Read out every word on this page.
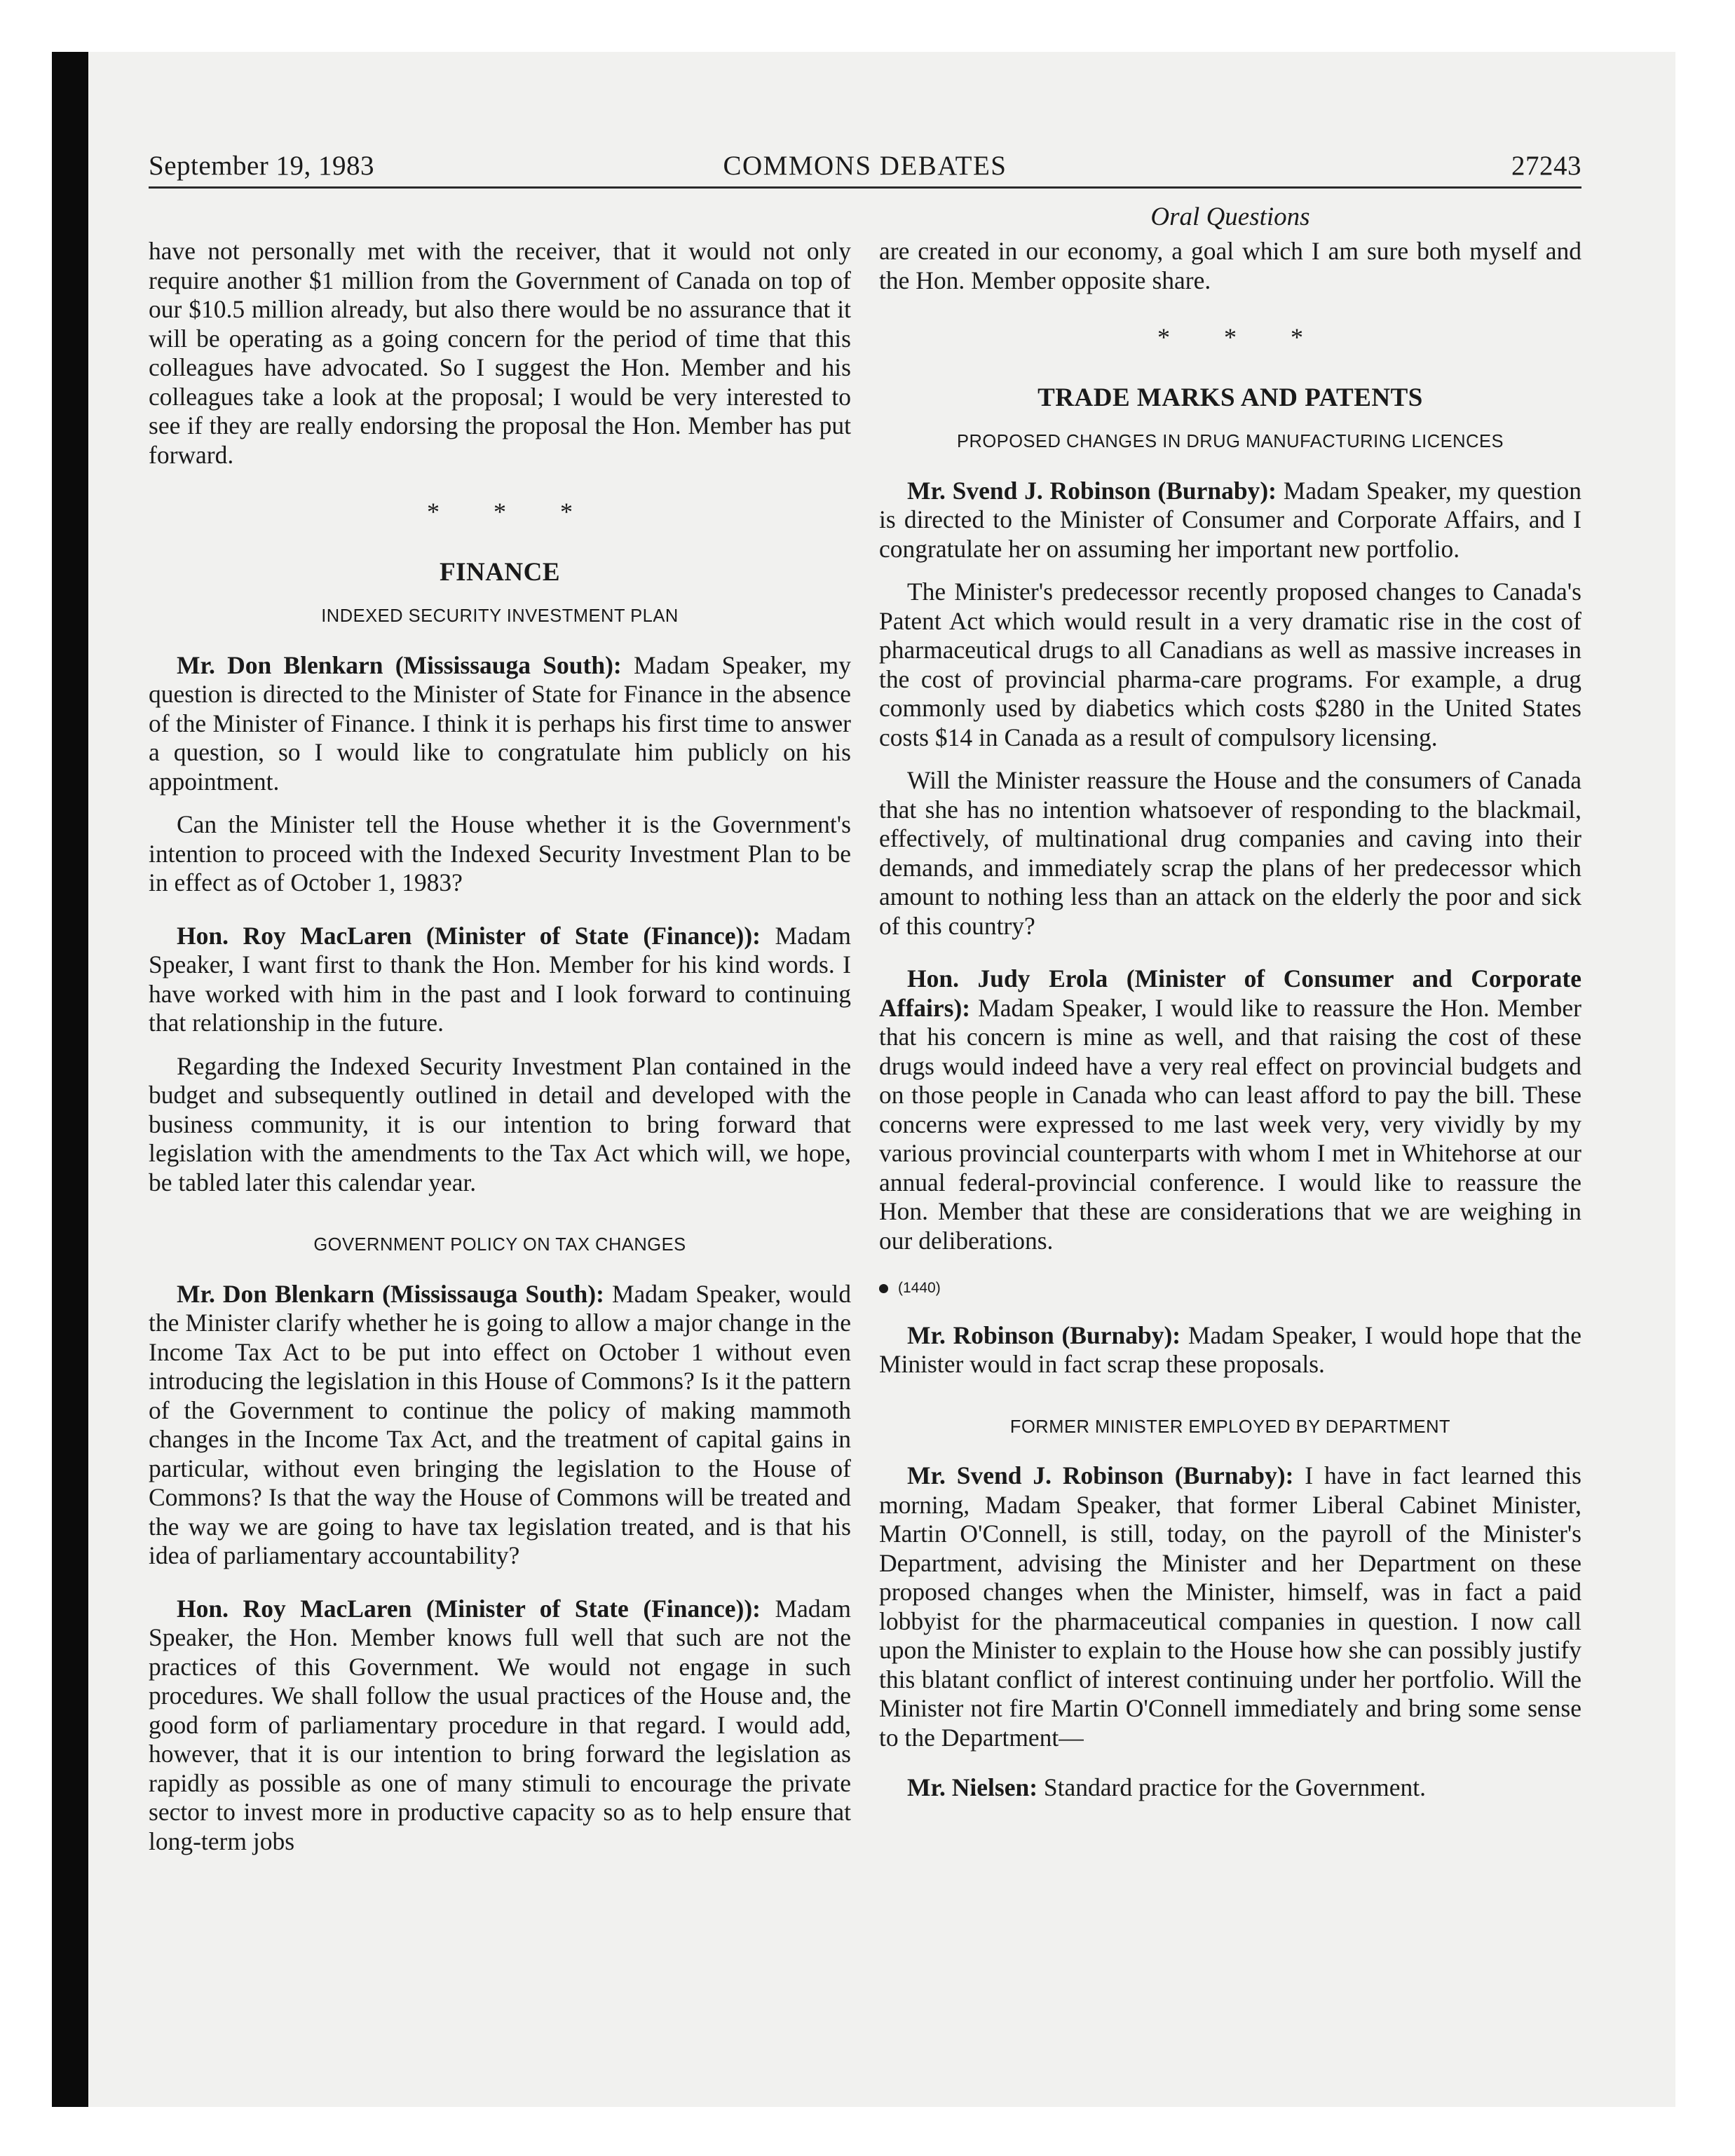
September 19, 1983	COMMONS DEBATES	27243
Oral Questions

have not personally met with the receiver, that it would not only require another $1 million from the Government of Canada on top of our $10.5 million already, but also there would be no assurance that it will be operating as a going concern for the period of time that this colleagues have advocated. So I suggest the Hon. Member and his colleagues take a look at the proposal; I would be very interested to see if they are really endorsing the proposal the Hon. Member has put forward.

* * *
FINANCE
INDEXED SECURITY INVESTMENT PLAN

Mr. Don Blenkarn (Mississauga South): Madam Speaker, my question is directed to the Minister of State for Finance in the absence of the Minister of Finance. I think it is perhaps his first time to answer a question, so I would like to congratulate him publicly on his appointment.

Can the Minister tell the House whether it is the Government's intention to proceed with the Indexed Security Investment Plan to be in effect as of October 1, 1983?

Hon. Roy MacLaren (Minister of State (Finance)): Madam Speaker, I want first to thank the Hon. Member for his kind words. I have worked with him in the past and I look forward to continuing that relationship in the future.

Regarding the Indexed Security Investment Plan contained in the budget and subsequently outlined in detail and developed with the business community, it is our intention to bring forward that legislation with the amendments to the Tax Act which will, we hope, be tabled later this calendar year.

GOVERNMENT POLICY ON TAX CHANGES

Mr. Don Blenkarn (Mississauga South): Madam Speaker, would the Minister clarify whether he is going to allow a major change in the Income Tax Act to be put into effect on October 1 without even introducing the legislation in this House of Commons? Is it the pattern of the Government to continue the policy of making mammoth changes in the Income Tax Act, and the treatment of capital gains in particular, without even bringing the legislation to the House of Commons? Is that the way the House of Commons will be treated and the way we are going to have tax legislation treated, and is that his idea of parliamentary accountability?

Hon. Roy MacLaren (Minister of State (Finance)): Madam Speaker, the Hon. Member knows full well that such are not the practices of this Government. We would not engage in such procedures. We shall follow the usual practices of the House and, the good form of parliamentary procedure in that regard. I would add, however, that it is our intention to bring forward the legislation as rapidly as possible as one of many stimuli to encourage the private sector to invest more in productive capacity so as to help ensure that long-term jobs

are created in our economy, a goal which I am sure both myself and the Hon. Member opposite share.

* * *
TRADE MARKS AND PATENTS
PROPOSED CHANGES IN DRUG MANUFACTURING LICENCES

Mr. Svend J. Robinson (Burnaby): Madam Speaker, my question is directed to the Minister of Consumer and Corporate Affairs, and I congratulate her on assuming her important new portfolio.

The Minister's predecessor recently proposed changes to Canada's Patent Act which would result in a very dramatic rise in the cost of pharmaceutical drugs to all Canadians as well as massive increases in the cost of provincial pharma-care programs. For example, a drug commonly used by diabetics which costs $280 in the United States costs $14 in Canada as a result of compulsory licensing.

Will the Minister reassure the House and the consumers of Canada that she has no intention whatsoever of responding to the blackmail, effectively, of multinational drug companies and caving into their demands, and immediately scrap the plans of her predecessor which amount to nothing less than an attack on the elderly the poor and sick of this country?

Hon. Judy Erola (Minister of Consumer and Corporate Affairs): Madam Speaker, I would like to reassure the Hon. Member that his concern is mine as well, and that raising the cost of these drugs would indeed have a very real effect on provincial budgets and on those people in Canada who can least afford to pay the bill. These concerns were expressed to me last week very, very vividly by my various provincial counterparts with whom I met in Whitehorse at our annual federal-provincial conference. I would like to reassure the Hon. Member that these are considerations that we are weighing in our deliberations.

(1440)

Mr. Robinson (Burnaby): Madam Speaker, I would hope that the Minister would in fact scrap these proposals.

FORMER MINISTER EMPLOYED BY DEPARTMENT

Mr. Svend J. Robinson (Burnaby): I have in fact learned this morning, Madam Speaker, that former Liberal Cabinet Minister, Martin O'Connell, is still, today, on the payroll of the Minister's Department, advising the Minister and her Department on these proposed changes when the Minister, himself, was in fact a paid lobbyist for the pharmaceutical companies in question. I now call upon the Minister to explain to the House how she can possibly justify this blatant conflict of interest continuing under her portfolio. Will the Minister not fire Martin O'Connell immediately and bring some sense to the Department—

Mr. Nielsen: Standard practice for the Government.
